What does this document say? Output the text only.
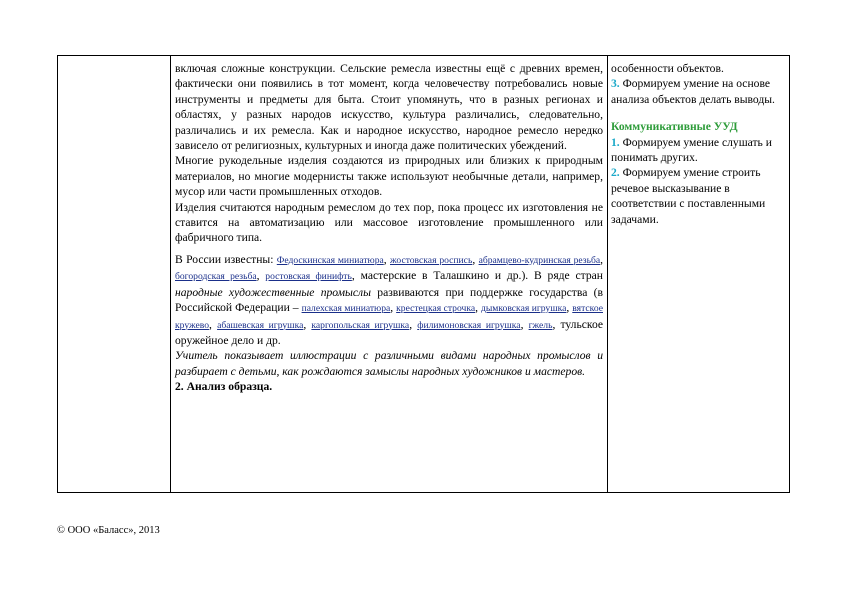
включая сложные конструкции. Сельские ремесла известны ещё с древних времен, фактически они появились в тот момент, когда человечеству потребовались новые инструменты и предметы для быта. Стоит упомянуть, что в разных регионах и областях, у разных народов искусство, культура различались, следовательно, различались и их ремесла. Как и народное искусство, народное ремесло нередко зависело от религиозных, культурных и иногда даже политических убеждений.

Многие рукодельные изделия создаются из природных или близких к природным материалов, но многие модернисты также используют необычные детали, например, мусор или части промышленных отходов.

Изделия считаются народным ремеслом до тех пор, пока процесс их изготовления не ставится на автоматизацию или массовое изготовление промышленного или фабричного типа.

В России известны: Федоскинская миниатюра, жостовская роспись, абрамцево-кудринская резьба, богородская резьба, ростовская финифть, мастерские в Талашкино и др.). В ряде стран народные художественные промыслы развиваются при поддержке государства (в Российской Федерации – палехская миниатюра, крестецкая строчка, дымковская игрушка, вятское кружево, абашевская игрушка, каргопольская игрушка, филимоновская игрушка, гжель, тульское оружейное дело и др.

Учитель показывает иллюстрации с различными видами народных промыслов и разбирает с детьми, как рождаются замыслы народных художников и мастеров.

2. Анализ образца.

особенности объектов.

3. Формируем умение на основе анализа объектов делать выводы.

Коммуникативные УУД

1. Формируем умение слушать и понимать других.

2. Формируем умение строить речевое высказывание в соответствии с поставленными задачами.

© ООО «Баласс», 2013
